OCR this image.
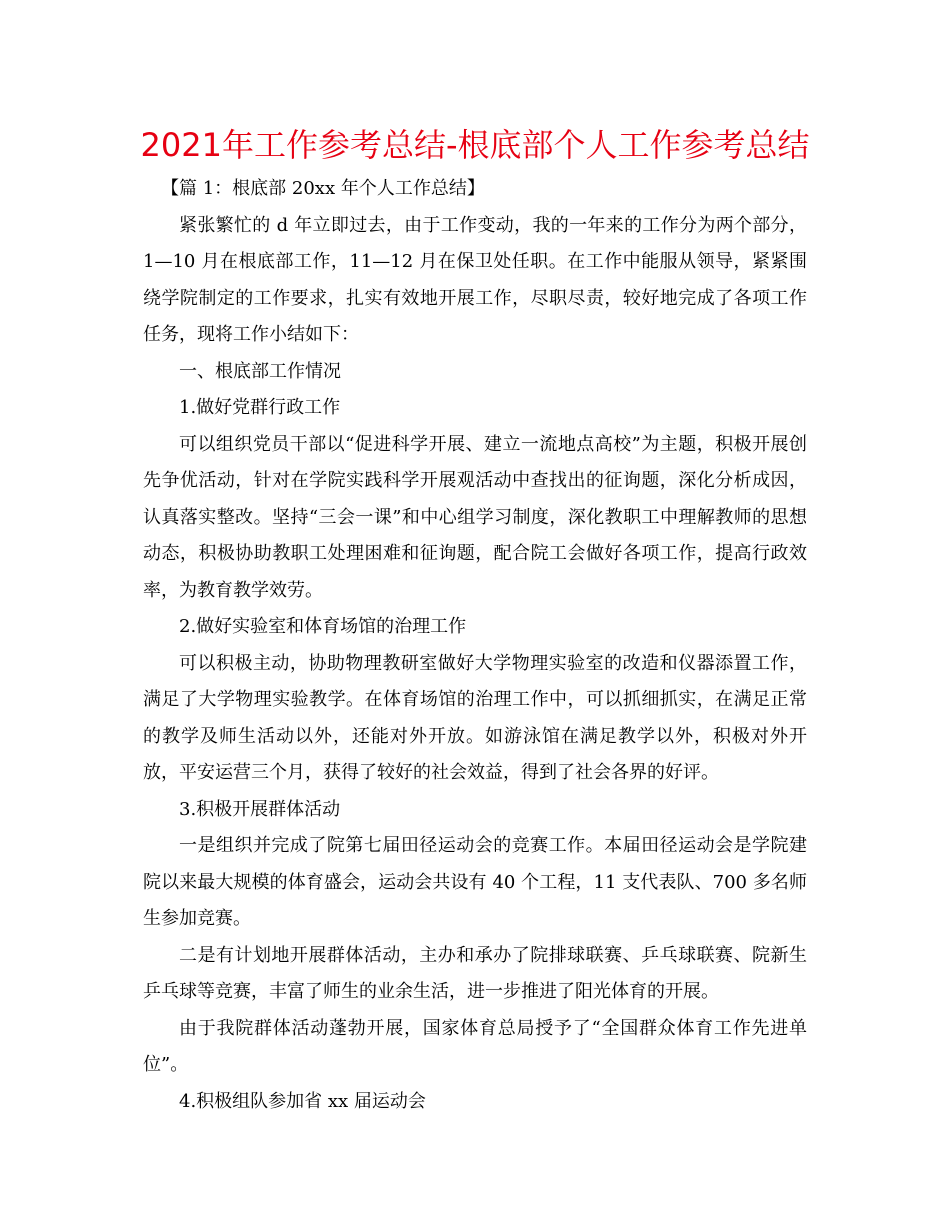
2021年工作参考总结-根底部个人工作参考总结

【篇 1：根底部 20xx 年个人工作总结】

紧张繁忙的 d 年立即过去，由于工作变动，我的一年来的工作分为两个部分，1—10 月在根底部工作，11—12 月在保卫处任职。在工作中能服从领导，紧紧围绕学院制定的工作要求，扎实有效地开展工作，尽职尽责，较好地完成了各项工作任务，现将工作小结如下：

一、根底部工作情况

1.做好党群行政工作

可以组织党员干部以“促进科学开展、建立一流地点高校”为主题，积极开展创先争优活动，针对在学院实践科学开展观活动中查找出的征询题，深化分析成因，认真落实整改。坚持“三会一课”和中心组学习制度，深化教职工中理解教师的思想动态，积极协助教职工处理困难和征询题，配合院工会做好各项工作，提高行政效率，为教育教学效劳。

2.做好实验室和体育场馆的治理工作

可以积极主动，协助物理教研室做好大学物理实验室的改造和仪器添置工作，满足了大学物理实验教学。在体育场馆的治理工作中，可以抓细抓实，在满足正常的教学及师生活动以外，还能对外开放。如游泳馆在满足教学以外，积极对外开放，平安运营三个月，获得了较好的社会效益，得到了社会各界的好评。

3.积极开展群体活动

一是组织并完成了院第七届田径运动会的竞赛工作。本届田径运动会是学院建院以来最大规模的体育盛会，运动会共设有 40 个工程，11 支代表队、700 多名师生参加竞赛。

二是有计划地开展群体活动，主办和承办了院排球联赛、乒乓球联赛、院新生乒乓球等竞赛，丰富了师生的业余生活，进一步推进了阳光体育的开展。

由于我院群体活动蓬勃开展，国家体育总局授予了“全国群众体育工作先进单位”。

4.积极组队参加省 xx 届运动会
